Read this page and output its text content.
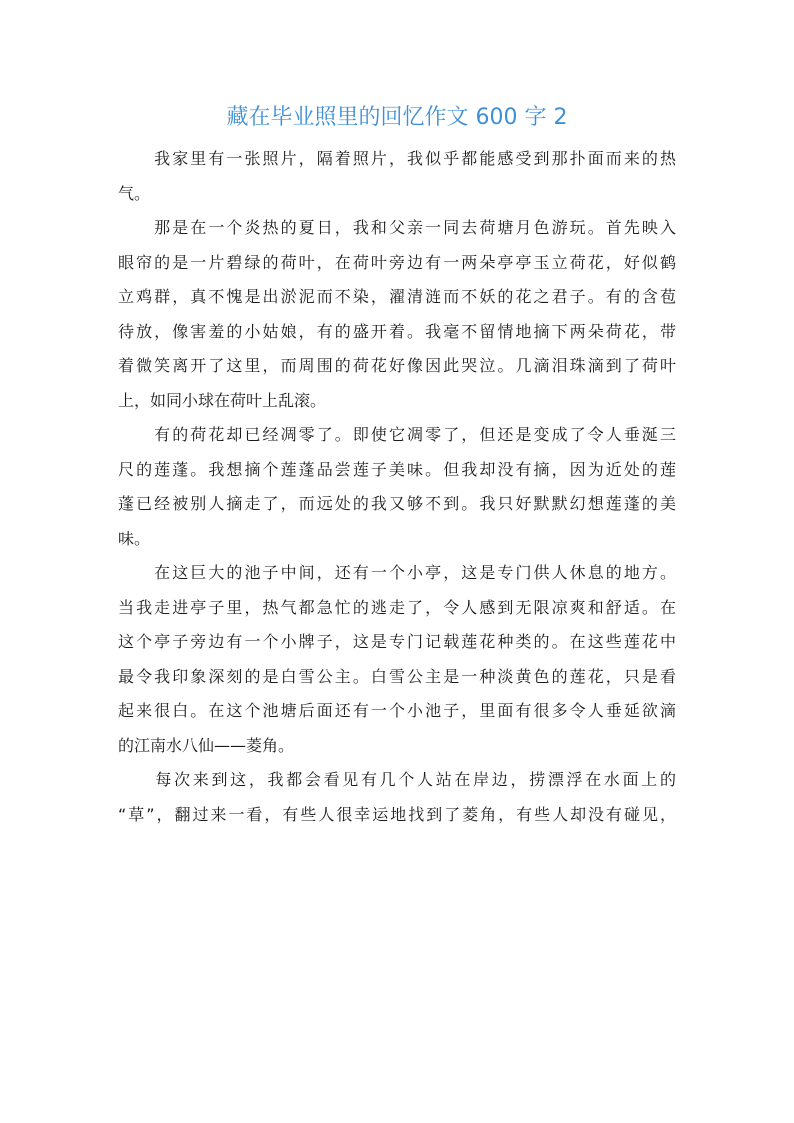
藏在毕业照里的回忆作文 600 字 2
　　我家里有一张照片，隔着照片，我似乎都能感受到那扑面而来的热
气。
　　那是在一个炎热的夏日，我和父亲一同去荷塘月色游玩。首先映入
眼帘的是一片碧绿的荷叶，在荷叶旁边有一两朵亭亭玉立荷花，好似鹤
立鸡群，真不愧是出淤泥而不染，濯清涟而不妖的花之君子。有的含苞
待放，像害羞的小姑娘，有的盛开着。我毫不留情地摘下两朵荷花，带
着微笑离开了这里，而周围的荷花好像因此哭泣。几滴泪珠滴到了荷叶
上，如同小球在荷叶上乱滚。
　　有的荷花却已经凋零了。即使它凋零了，但还是变成了令人垂涎三
尺的莲蓬。我想摘个莲蓬品尝莲子美味。但我却没有摘，因为近处的莲
蓬已经被别人摘走了，而远处的我又够不到。我只好默默幻想莲蓬的美
味。
　　在这巨大的池子中间，还有一个小亭，这是专门供人休息的地方。
当我走进亭子里，热气都急忙的逃走了，令人感到无限凉爽和舒适。在
这个亭子旁边有一个小牌子，这是专门记载莲花种类的。在这些莲花中
最令我印象深刻的是白雪公主。白雪公主是一种淡黄色的莲花，只是看
起来很白。在这个池塘后面还有一个小池子，里面有很多令人垂延欲滴
的江南水八仙——菱角。
　　每次来到这，我都会看见有几个人站在岸边，捞漂浮在水面上的
“草”，翻过来一看，有些人很幸运地找到了菱角，有些人却没有碰见，
